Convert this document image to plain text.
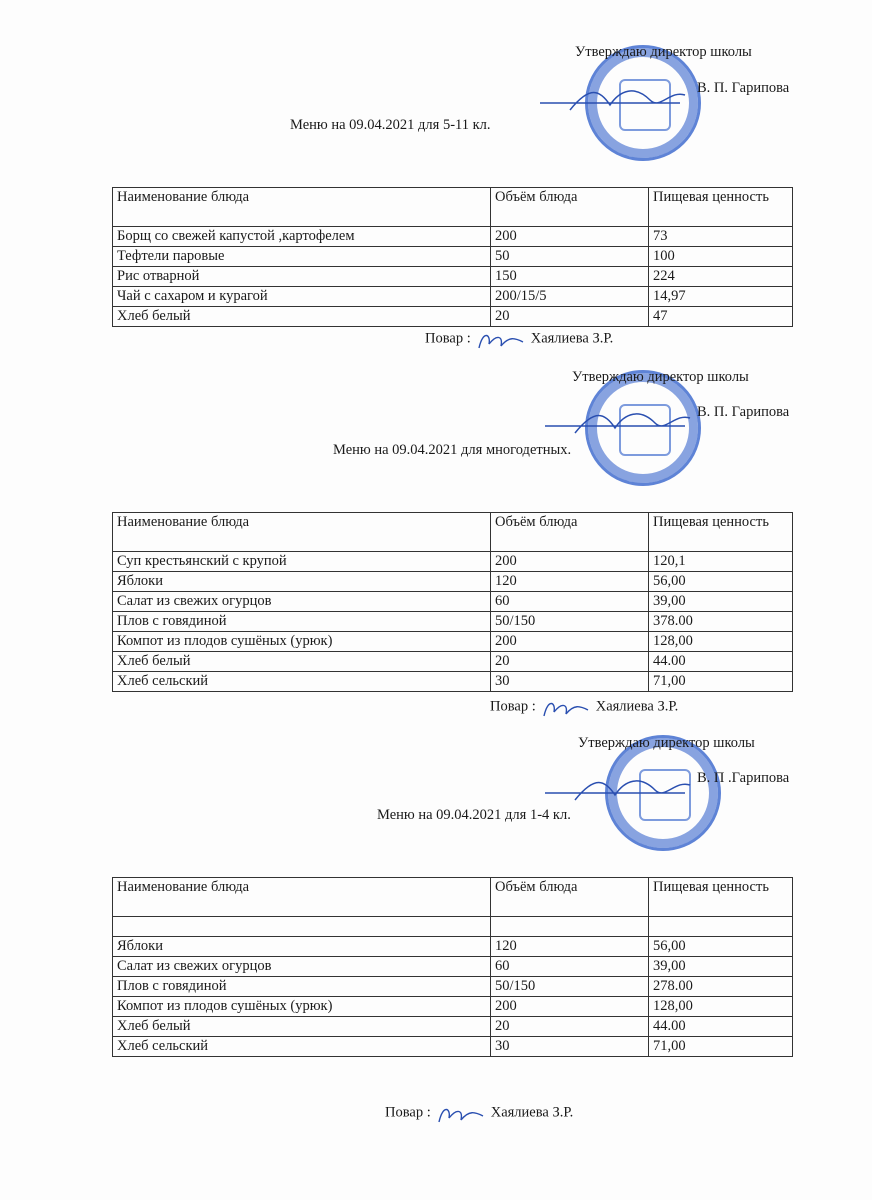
Утверждаю директор школы
В. П. Гарипова
Меню на 09.04.2021 для 5-11 кл.
Наименование блюда	Объём блюда	Пищевая ценность
Борщ со свежей капустой ,картофелем	200	73
Тефтели паровые	50	100
Рис отварной	150	224
Чай с сахаром и курагой	200/15/5	14,97
Хлеб белый	20	47
Повар :	Хаялиева З.Р.
Утверждаю директор школы
В. П. Гарипова
Меню на 09.04.2021 для многодетных.
Наименование блюда	Объём блюда	Пищевая ценность
Суп крестьянский с крупой	200	120,1
Яблоки	120	56,00
Салат из свежих огурцов	60	39,00
Плов с говядиной	50/150	378.00
Компот из плодов сушёных (урюк)	200	128,00
Хлеб белый	20	44.00
Хлеб сельский	30	71,00
Повар :	Хаялиева З.Р.
Утверждаю директор школы
В. П .Гарипова
Меню на 09.04.2021 для 1-4 кл.
Наименование блюда	Объём блюда	Пищевая ценность

Яблоки	120	56,00
Салат из свежих огурцов	60	39,00
Плов с говядиной	50/150	278.00
Компот из плодов сушёных (урюк)	200	128,00
Хлеб белый	20	44.00
Хлеб сельский	30	71,00
Повар :	Хаялиева З.Р.
